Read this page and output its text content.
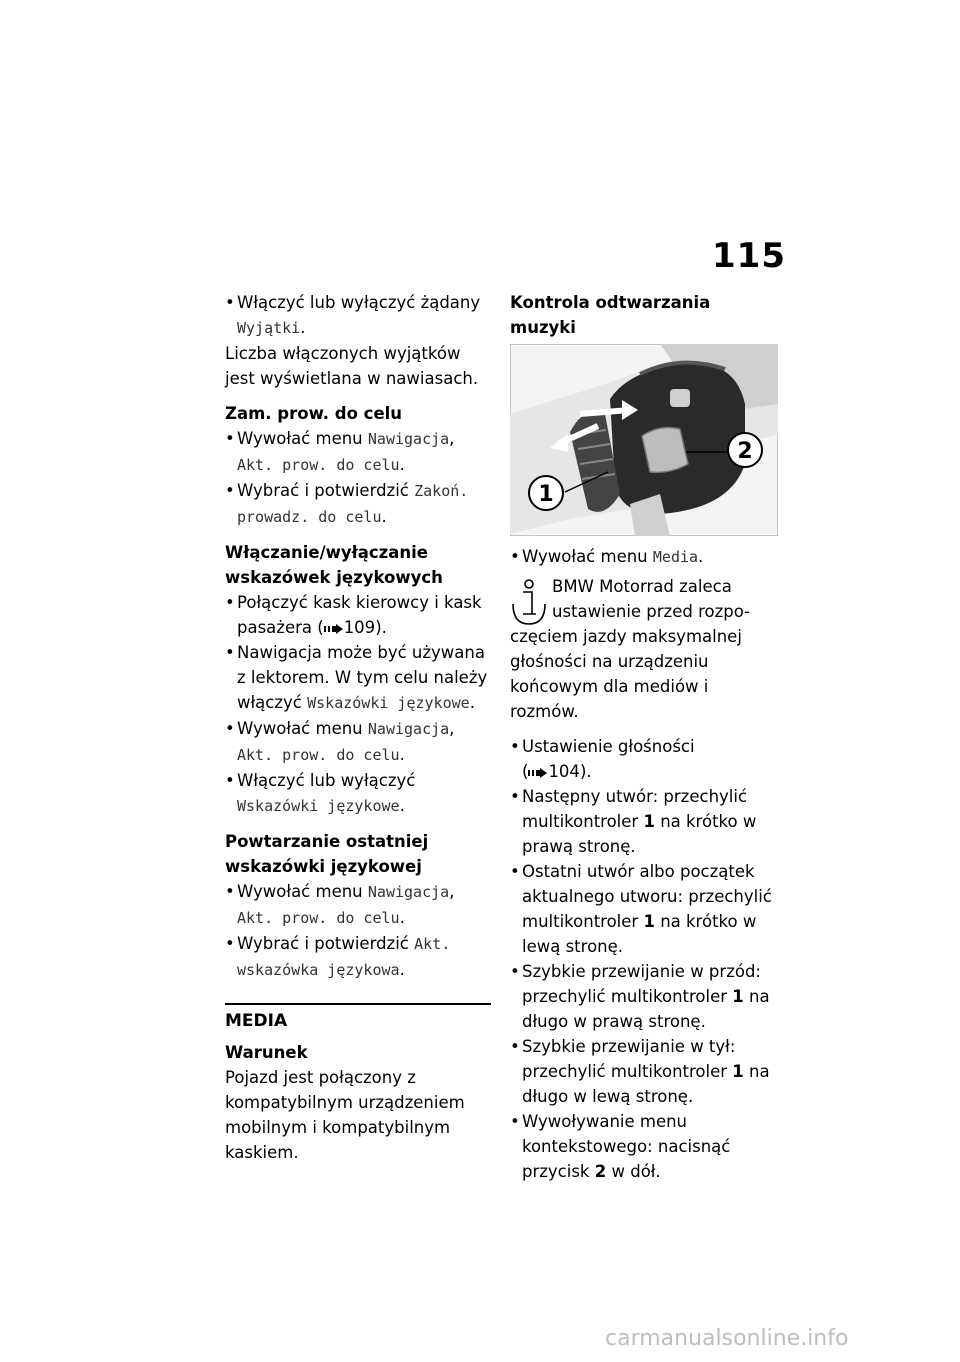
115
• Włączyć lub wyłączyć żądany Wyjątki.
Liczba włączonych wyjątków jest wyświetlana w nawiasach.
Zam. prow. do celu
• Wywołać menu Nawigacja, Akt. prow. do celu.
• Wybrać i potwierdzić Zakoń. prowadz. do celu.
Włączanie/wyłączanie wskazówek językowych
• Połączyć kask kierowcy i kask pasażera ( 109).
• Nawigacja może być używana z lektorem. W tym celu należy włączyć Wskazówki językowe.
• Wywołać menu Nawigacja, Akt. prow. do celu.
• Włączyć lub wyłączyć Wskazówki językowe.
Powtarzanie ostatniej wskazówki językowej
• Wywołać menu Nawigacja, Akt. prow. do celu.
• Wybrać i potwierdzić Akt. wskazówka językowa.
MEDIA
Warunek
Pojazd jest połączony z kompatybilnym urządzeniem mobilnym i kompatybilnym kaskiem.
Kontrola odtwarzania muzyki
1
2
• Wywołać menu Media.
BMW Motorrad zaleca
ustawienie przed rozpo-
częciem jazdy maksymalnej głośności na urządzeniu końcowym dla mediów i rozmów.
• Ustawienie głośności
( 104).
• Następny utwór: przechylić multikontroler 1 na krótko w prawą stronę.
• Ostatni utwór albo początek aktualnego utworu: przechylić multikontroler 1 na krótko w lewą stronę.
• Szybkie przewijanie w przód: przechylić multikontroler 1 na długo w prawą stronę.
• Szybkie przewijanie w tył: przechylić multikontroler 1 na długo w lewą stronę.
• Wywoływanie menu kontekstowego: nacisnąć przycisk 2 w dół.
carmanualsonline.info
